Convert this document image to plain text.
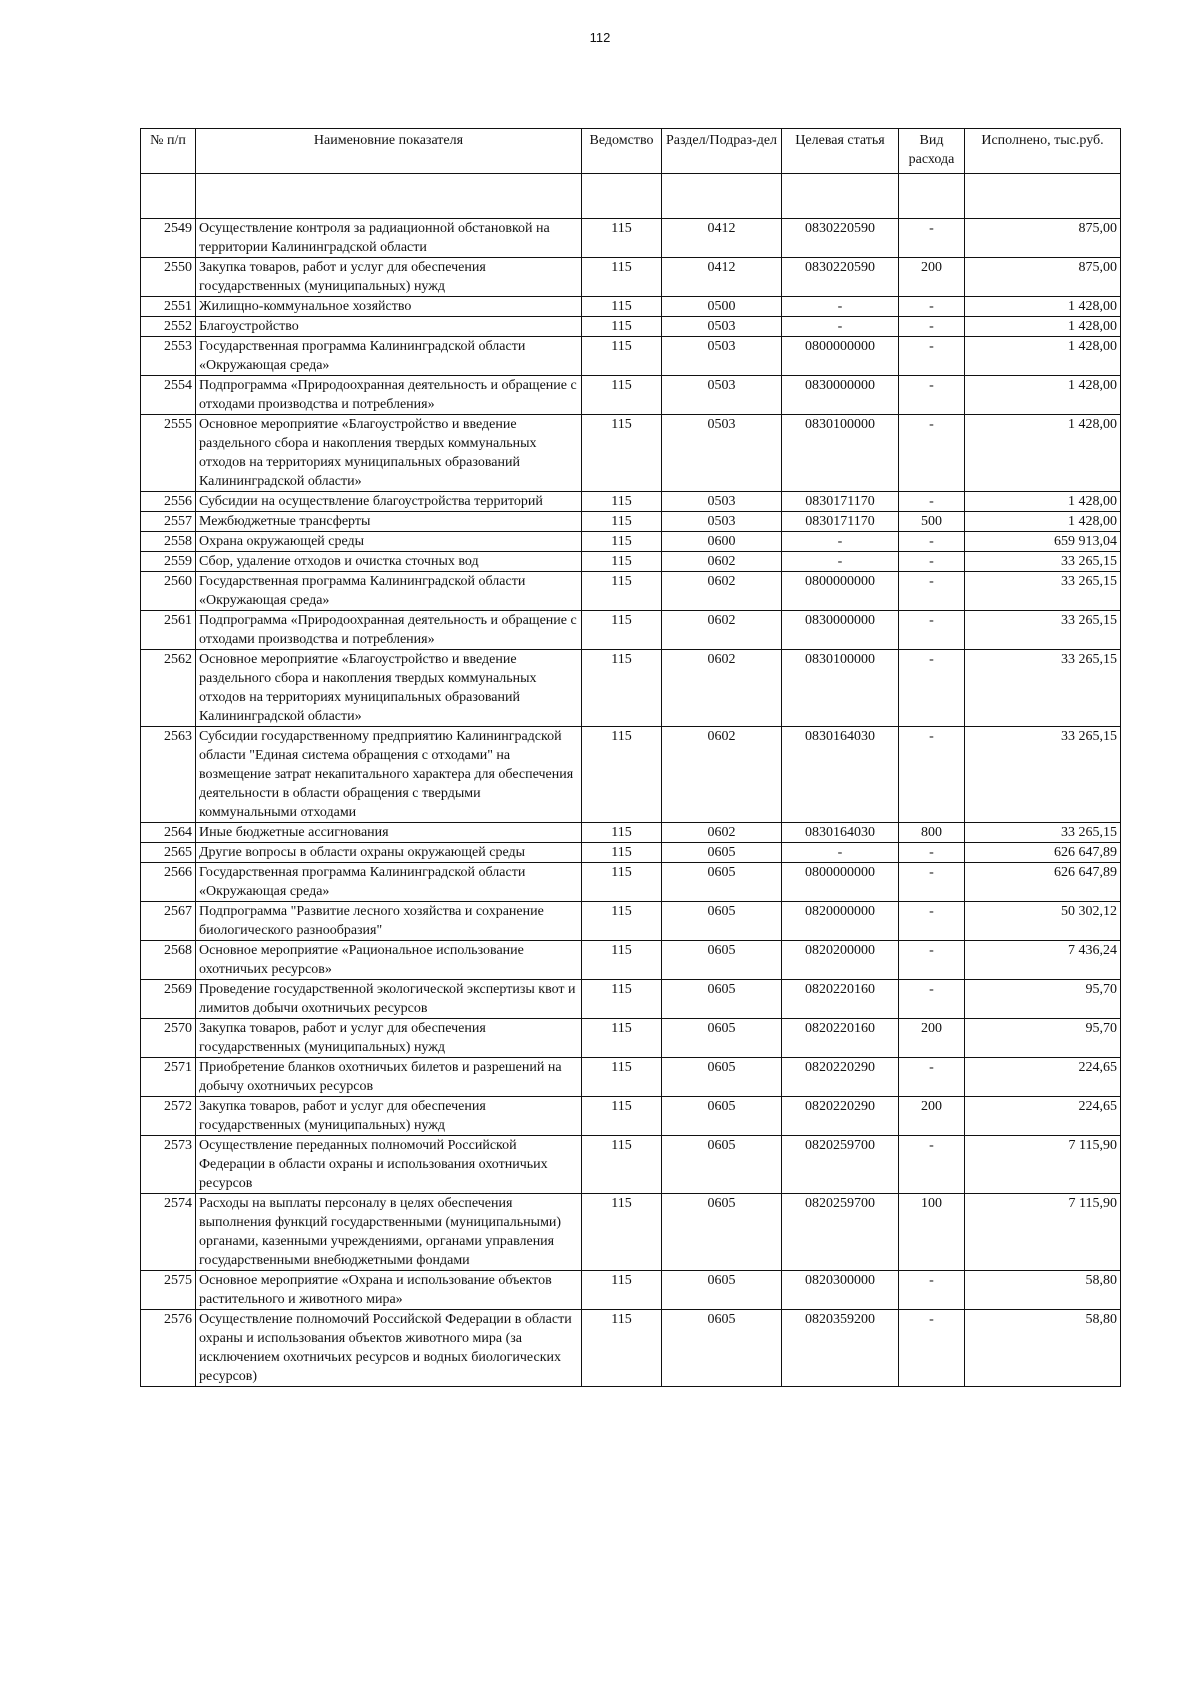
112
№ п/п	Наименовние показателя	Ведомство	Раздел/Подраз-дел	Целевая статья	Вид расхода	Исполнено, тыс.руб.

2549	Осуществление контроля за радиационной обстановкой на территории Калининградской области	115	0412	0830220590	-	875,00
2550	Закупка товаров, работ и услуг для обеспечения государственных (муниципальных) нужд	115	0412	0830220590	200	875,00
2551	Жилищно-коммунальное хозяйство	115	0500	-	-	1 428,00
2552	Благоустройство	115	0503	-	-	1 428,00
2553	Государственная программа Калининградской области «Окружающая среда»	115	0503	0800000000	-	1 428,00
2554	Подпрограмма «Природоохранная деятельность и обращение с отходами производства и потребления»	115	0503	0830000000	-	1 428,00
2555	Основное мероприятие «Благоустройство и введение раздельного сбора и накопления твердых коммунальных отходов на территориях муниципальных образований Калининградской области»	115	0503	0830100000	-	1 428,00
2556	Субсидии на осуществление благоустройства территорий	115	0503	0830171170	-	1 428,00
2557	Межбюджетные трансферты	115	0503	0830171170	500	1 428,00
2558	Охрана окружающей среды	115	0600	-	-	659 913,04
2559	Сбор, удаление отходов и очистка сточных вод	115	0602	-	-	33 265,15
2560	Государственная программа Калининградской области «Окружающая среда»	115	0602	0800000000	-	33 265,15
2561	Подпрограмма «Природоохранная деятельность и обращение с отходами производства и потребления»	115	0602	0830000000	-	33 265,15
2562	Основное мероприятие «Благоустройство и введение раздельного сбора и накопления твердых коммунальных отходов на территориях муниципальных образований Калининградской области»	115	0602	0830100000	-	33 265,15
2563	Субсидии государственному предприятию Калининградской области "Единая система обращения с отходами" на возмещение затрат некапитального характера для обеспечения деятельности в области обращения с твердыми коммунальными отходами	115	0602	0830164030	-	33 265,15
2564	Иные бюджетные ассигнования	115	0602	0830164030	800	33 265,15
2565	Другие вопросы в области охраны окружающей среды	115	0605	-	-	626 647,89
2566	Государственная программа Калининградской области «Окружающая среда»	115	0605	0800000000	-	626 647,89
2567	Подпрограмма "Развитие лесного хозяйства и сохранение биологического разнообразия"	115	0605	0820000000	-	50 302,12
2568	Основное мероприятие «Рациональное использование охотничьих ресурсов»	115	0605	0820200000	-	7 436,24
2569	Проведение государственной экологической экспертизы квот и лимитов добычи охотничьих ресурсов	115	0605	0820220160	-	95,70
2570	Закупка товаров, работ и услуг для обеспечения государственных (муниципальных) нужд	115	0605	0820220160	200	95,70
2571	Приобретение бланков охотничьих билетов и разрешений на добычу охотничьих ресурсов	115	0605	0820220290	-	224,65
2572	Закупка товаров, работ и услуг для обеспечения государственных (муниципальных) нужд	115	0605	0820220290	200	224,65
2573	Осуществление переданных полномочий Российской Федерации в области охраны и использования охотничьих ресурсов	115	0605	0820259700	-	7 115,90
2574	Расходы на выплаты персоналу в целях обеспечения выполнения функций государственными (муниципальными) органами, казенными учреждениями, органами управления государственными внебюджетными фондами	115	0605	0820259700	100	7 115,90
2575	Основное мероприятие «Охрана и использование объектов растительного и животного мира»	115	0605	0820300000	-	58,80
2576	Осуществление полномочий Российской Федерации в области охраны и использования объектов животного мира (за исключением охотничьих ресурсов и водных биологических ресурсов)	115	0605	0820359200	-	58,80
